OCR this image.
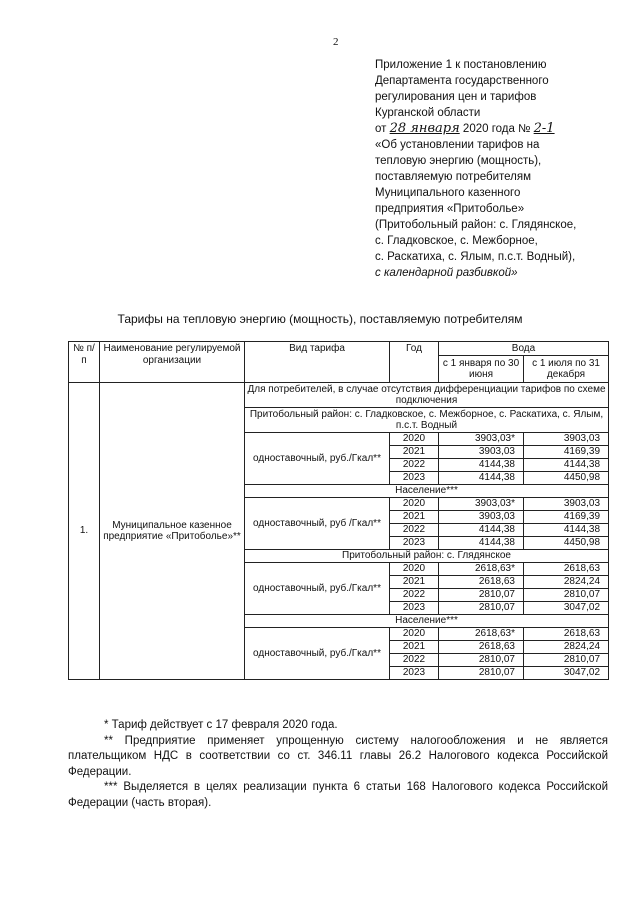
2
Приложение 1 к постановлению
Департамента государственного
регулирования цен и тарифов
Курганской области
от 28 января 2020 года № 2-1
«Об установлении тарифов на
тепловую энергию (мощность),
поставляемую потребителям
Муниципального казенного
предприятия «Притоболье»
(Притобольный район: с. Глядянское,
с. Гладковское, с. Межборное,
с. Раскатиха, с. Ялым, п.с.т. Водный),
с календарной разбивкой»
Тарифы на тепловую энергию (мощность), поставляемую потребителям
№ п/п	Наименование регулируемой организации	Вид тарифа	Год	Вода	
				с 1 января по 30 июня	с 1 июля по 31 декабря
1.	Муниципальное казенное предприятие «Притоболье»**	Для потребителей, в случае отсутствия дифференциации тарифов по схеме подключения			
		Притобольный район: с. Гладковское, с. Межборное, с. Раскатиха, с. Ялым, п.с.т. Водный			
		одноставочный, руб./Гкал**	2020	3903,03*	3903,03
			2021	3903,03	4169,39
			2022	4144,38	4144,38
			2023	4144,38	4450,98
		Население***			
		одноставочный, руб /Гкал**	2020	3903,03*	3903,03
			2021	3903,03	4169,39
			2022	4144,38	4144,38
			2023	4144,38	4450,98
		Притобольный район: с. Глядянское			
		одноставочный, руб./Гкал**	2020	2618,63*	2618,63
			2021	2618,63	2824,24
			2022	2810,07	2810,07
			2023	2810,07	3047,02
		Население***			
		одноставочный, руб./Гкал**	2020	2618,63*	2618,63
			2021	2618,63	2824,24
			2022	2810,07	2810,07
			2023	2810,07	3047,02

* Тариф действует с 17 февраля 2020 года.

** Предприятие применяет упрощенную систему налогообложения и не является плательщиком НДС в соответствии со ст. 346.11 главы 26.2 Налогового кодекса Российской Федерации.

*** Выделяется в целях реализации пункта 6 статьи 168 Налогового кодекса Российской Федерации (часть вторая).
